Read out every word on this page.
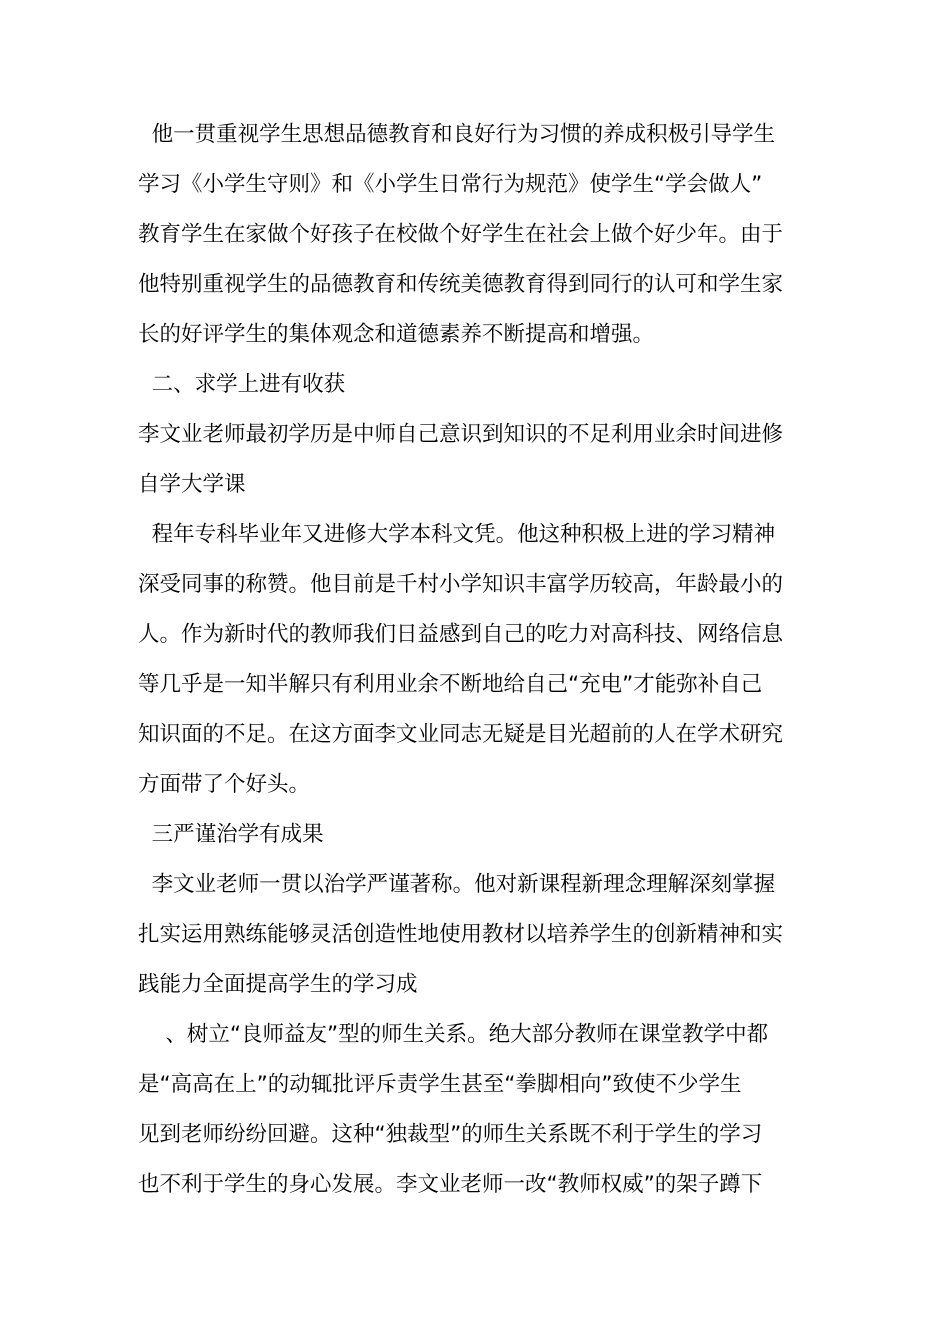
他一贯重视学生思想品德教育和良好行为习惯的养成积极引导学生
学习《小学生守则》和《小学生日常行为规范》使学生“学会做人”
教育学生在家做个好孩子在校做个好学生在社会上做个好少年。由于
他特别重视学生的品德教育和传统美德教育得到同行的认可和学生家
长的好评学生的集体观念和道德素养不断提高和增强。
二、求学上进有收获
李文业老师最初学历是中师自己意识到知识的不足利用业余时间进修
自学大学课
程年专科毕业年又进修大学本科文凭。他这种积极上进的学习精神
深受同事的称赞。他目前是千村小学知识丰富学历较高，年龄最小的
人。作为新时代的教师我们日益感到自己的吃力对高科技、网络信息
等几乎是一知半解只有利用业余不断地给自己“充电”才能弥补自己
知识面的不足。在这方面李文业同志无疑是目光超前的人在学术研究
方面带了个好头。
三严谨治学有成果
李文业老师一贯以治学严谨著称。他对新课程新理念理解深刻掌握
扎实运用熟练能够灵活创造性地使用教材以培养学生的创新精神和实
践能力全面提高学生的学习成
、树立“良师益友”型的师生关系。绝大部分教师在课堂教学中都
是“高高在上”的动辄批评斥责学生甚至“拳脚相向”致使不少学生
见到老师纷纷回避。这种“独裁型”的师生关系既不利于学生的学习
也不利于学生的身心发展。李文业老师一改“教师权威”的架子蹲下
